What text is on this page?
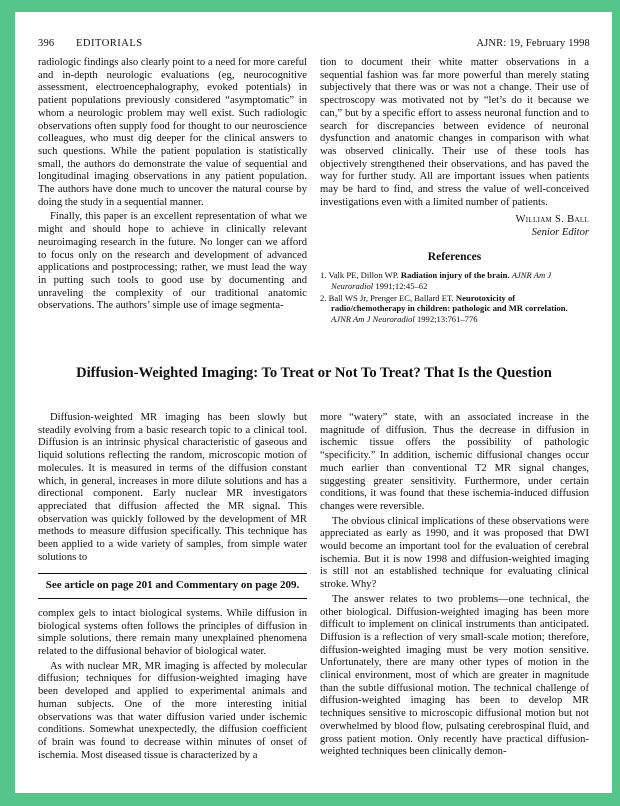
396 EDITORIALS	AJNR: 19, February 1998

radiologic findings also clearly point to a need for more careful and in-depth neurologic evaluations (eg, neurocognitive assessment, electroencephalography, evoked potentials) in patient populations previously considered “asymptomatic” in whom a neurologic problem may well exist. Such radiologic observations often supply food for thought to our neuroscience colleagues, who must dig deeper for the clinical answers to such questions. While the patient population is statistically small, the authors do demonstrate the value of sequential and longitudinal imaging observations in any patient population. The authors have done much to uncover the natural course by doing the study in a sequential manner.

Finally, this paper is an excellent representation of what we might and should hope to achieve in clinically relevant neuroimaging research in the future. No longer can we afford to focus only on the research and development of advanced applications and postprocessing; rather, we must lead the way in putting such tools to good use by documenting and unraveling the complexity of our traditional anatomic observations. The authors’ simple use of image segmenta-

tion to document their white matter observations in a sequential fashion was far more powerful than merely stating subjectively that there was or was not a change. Their use of spectroscopy was motivated not by “let’s do it because we can,” but by a specific effort to assess neuronal function and to search for discrepancies between evidence of neuronal dysfunction and anatomic changes in comparison with what was observed clinically. Their use of these tools has objectively strengthened their observations, and has paved the way for further study. All are important issues when patients may be hard to find, and stress the value of well-conceived investigations even with a limited number of patients.

William S. Ball
Senior Editor
References
1. Valk PE, Dillon WP. Radiation injury of the brain. AJNR Am J Neuroradiol 1991;12:45–62
2. Ball WS Jr, Prenger EC, Ballard ET. Neurotoxicity of radio/chemotherapy in children: pathologic and MR correlation. AJNR Am J Neuroradiol 1992;13:761–776
Diffusion-Weighted Imaging: To Treat or Not To Treat? That Is the Question

Diffusion-weighted MR imaging has been slowly but steadily evolving from a basic research topic to a clinical tool. Diffusion is an intrinsic physical characteristic of gaseous and liquid solutions reflecting the random, microscopic motion of molecules. It is measured in terms of the diffusion constant which, in general, increases in more dilute solutions and has a directional component. Early nuclear MR investigators appreciated that diffusion affected the MR signal. This observation was quickly followed by the development of MR methods to measure diffusion specifically. This technique has been applied to a wide variety of samples, from simple water solutions to

See article on page 201 and Commentary on page 209.

complex gels to intact biological systems. While diffusion in biological systems often follows the principles of diffusion in simple solutions, there remain many unexplained phenomena related to the diffusional behavior of biological water.

As with nuclear MR, MR imaging is affected by molecular diffusion; techniques for diffusion-weighted imaging have been developed and applied to experimental animals and human subjects. One of the more interesting initial observations was that water diffusion varied under ischemic conditions. Somewhat unexpectedly, the diffusion coefficient of brain was found to decrease within minutes of onset of ischemia. Most diseased tissue is characterized by a

more “watery” state, with an associated increase in the magnitude of diffusion. Thus the decrease in diffusion in ischemic tissue offers the possibility of pathologic “specificity.” In addition, ischemic diffusional changes occur much earlier than conventional T2 MR signal changes, suggesting greater sensitivity. Furthermore, under certain conditions, it was found that these ischemia-induced diffusion changes were reversible.

The obvious clinical implications of these observations were appreciated as early as 1990, and it was proposed that DWI would become an important tool for the evaluation of cerebral ischemia. But it is now 1998 and diffusion-weighted imaging is still not an established technique for evaluating clinical stroke. Why?

The answer relates to two problems—one technical, the other biological. Diffusion-weighted imaging has been more difficult to implement on clinical instruments than anticipated. Diffusion is a reflection of very small-scale motion; therefore, diffusion-weighted imaging must be very motion sensitive. Unfortunately, there are many other types of motion in the clinical environment, most of which are greater in magnitude than the subtle diffusional motion. The technical challenge of diffusion-weighted imaging has been to develop MR techniques sensitive to microscopic diffusional motion but not overwhelmed by blood flow, pulsating cerebrospinal fluid, and gross patient motion. Only recently have practical diffusion-weighted techniques been clinically demon-
